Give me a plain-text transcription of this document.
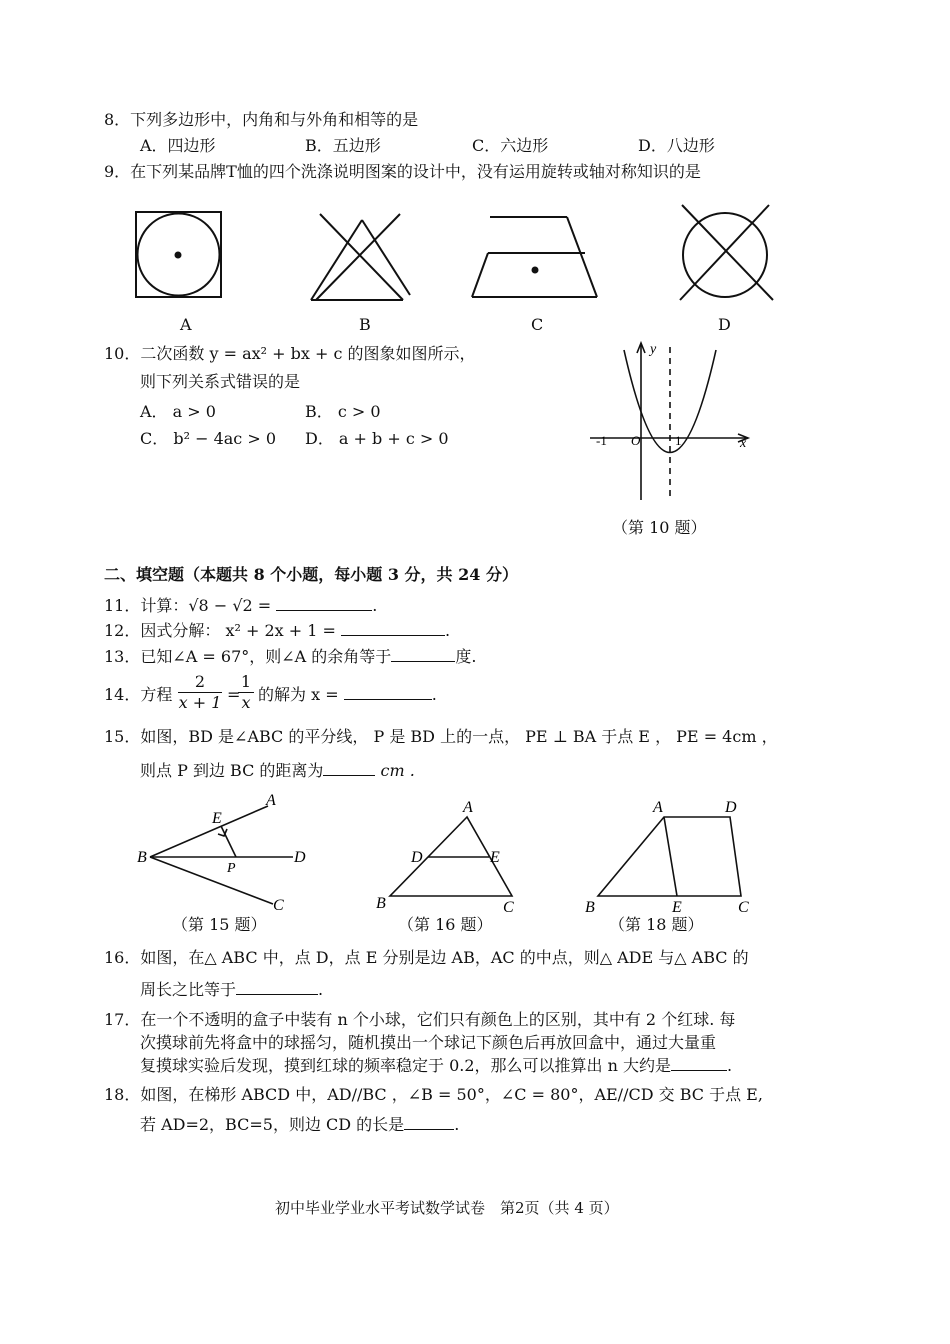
8．下列多边形中，内角和与外角和相等的是
A．四边形	B．五边形	C．六边形	D．八边形
9．在下列某品牌T恤的四个洗涤说明图案的设计中，没有运用旋转或轴对称知识的是
A	B	C	D
10．二次函数 y = ax² + bx + c 的图象如图所示，
则下列关系式错误的是
A． a > 0	B． c > 0
C． b² − 4ac > 0 D． a + b + c > 0
y
x
-1 O	1
（第 10 题）
二、填空题（本题共 8 个小题，每小题 3 分，共 24 分）
11．计算：√8 − √2 =	.
12．因式分解： x² + 2x + 1 =	.
13．已知∠A = 67°，则∠A 的余角等于	度.
14．方程 $\frac{2}{x + 1}$ =
$\frac{1}{x}$ 的解为 x =	.
15．如图，BD 是∠ABC 的平分线， P 是 BD 上的一点， PE ⊥ BA 于点 E ， PE = 4cm ，
则点 P 到边 BC 的距离为	cm .
A
E
B
P
D
C
A
D	E
B	C
A	D
B	E	C
（第 15 题）	（第 16 题）	（第 18 题）
16．如图，在△ ABC 中，点 D，点 E 分别是边 AB，AC 的中点，则△ ADE 与△ ABC 的
周长之比等于	.
17．在一个不透明的盒子中装有 n 个小球，它们只有颜色上的区别，其中有 2 个红球. 每
次摸球前先将盒中的球摇匀，随机摸出一个球记下颜色后再放回盒中，通过大量重
复摸球实验后发现，摸到红球的频率稳定于 0.2，那么可以推算出 n 大约是	.
18．如图，在梯形 ABCD 中，AD//BC ，∠B = 50°，∠C = 80°，AE//CD 交 BC 于点 E,
若 AD=2，BC=5，则边 CD 的长是	.
初中毕业学业水平考试数学试卷　第2页（共 4 页）
